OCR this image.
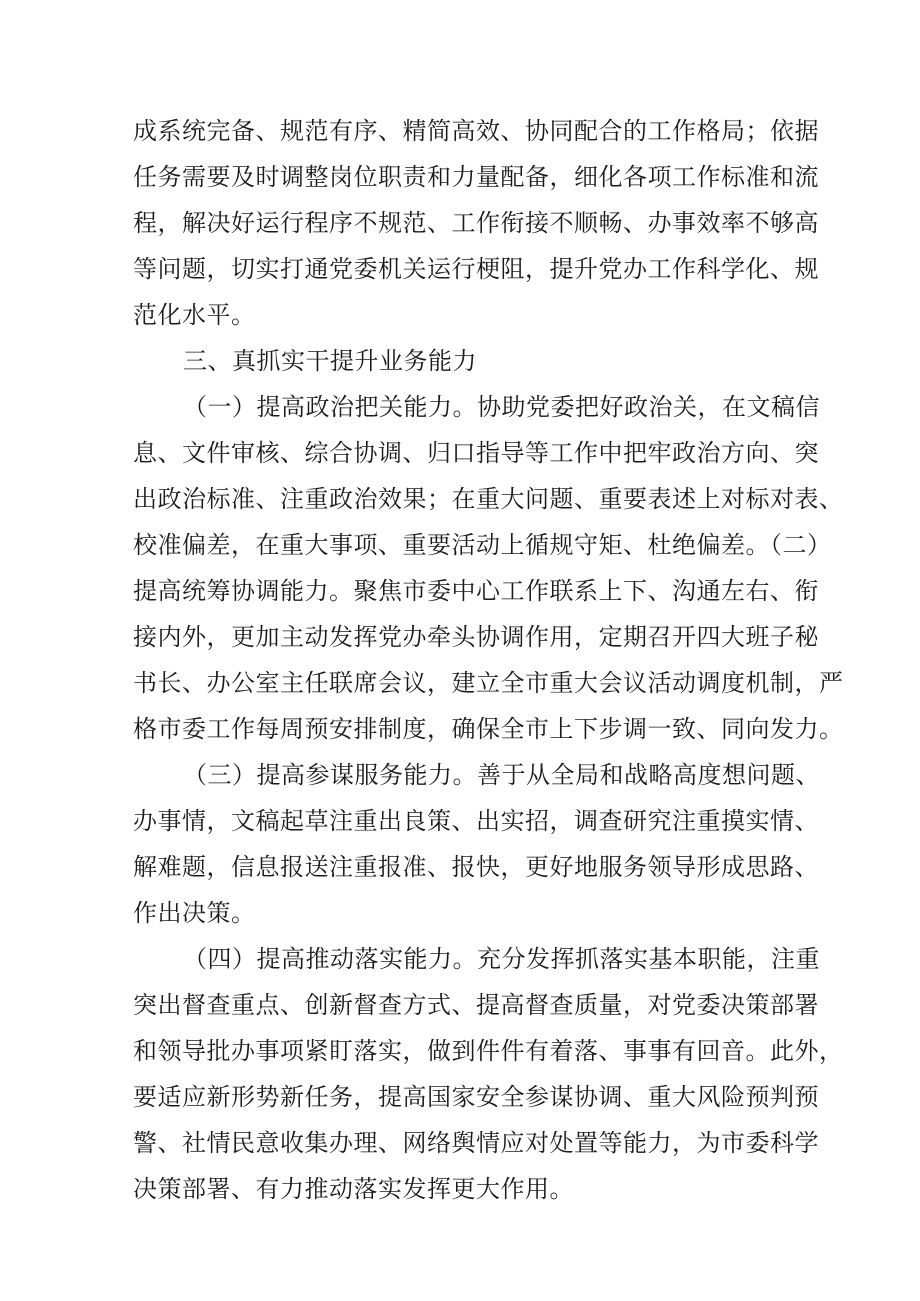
成系统完备、规范有序、精简高效、协同配合的工作格局；依据
任务需要及时调整岗位职责和力量配备，细化各项工作标准和流
程，解决好运行程序不规范、工作衔接不顺畅、办事效率不够高
等问题，切实打通党委机关运行梗阻，提升党办工作科学化、规
范化水平。
三、真抓实干提升业务能力
（一）提高政治把关能力。协助党委把好政治关，在文稿信
息、文件审核、综合协调、归口指导等工作中把牢政治方向、突
出政治标准、注重政治效果；在重大问题、重要表述上对标对表、
校准偏差，在重大事项、重要活动上循规守矩、杜绝偏差。（二）
提高统筹协调能力。聚焦市委中心工作联系上下、沟通左右、衔
接内外，更加主动发挥党办牵头协调作用，定期召开四大班子秘
书长、办公室主任联席会议，建立全市重大会议活动调度机制，严
格市委工作每周预安排制度，确保全市上下步调一致、同向发力。
（三）提高参谋服务能力。善于从全局和战略高度想问题、
办事情，文稿起草注重出良策、出实招，调查研究注重摸实情、
解难题，信息报送注重报准、报快，更好地服务领导形成思路、
作出决策。
（四）提高推动落实能力。充分发挥抓落实基本职能，注重
突出督查重点、创新督查方式、提高督查质量，对党委决策部署
和领导批办事项紧盯落实，做到件件有着落、事事有回音。此外，
要适应新形势新任务，提高国家安全参谋协调、重大风险预判预
警、社情民意收集办理、网络舆情应对处置等能力，为市委科学
决策部署、有力推动落实发挥更大作用。
